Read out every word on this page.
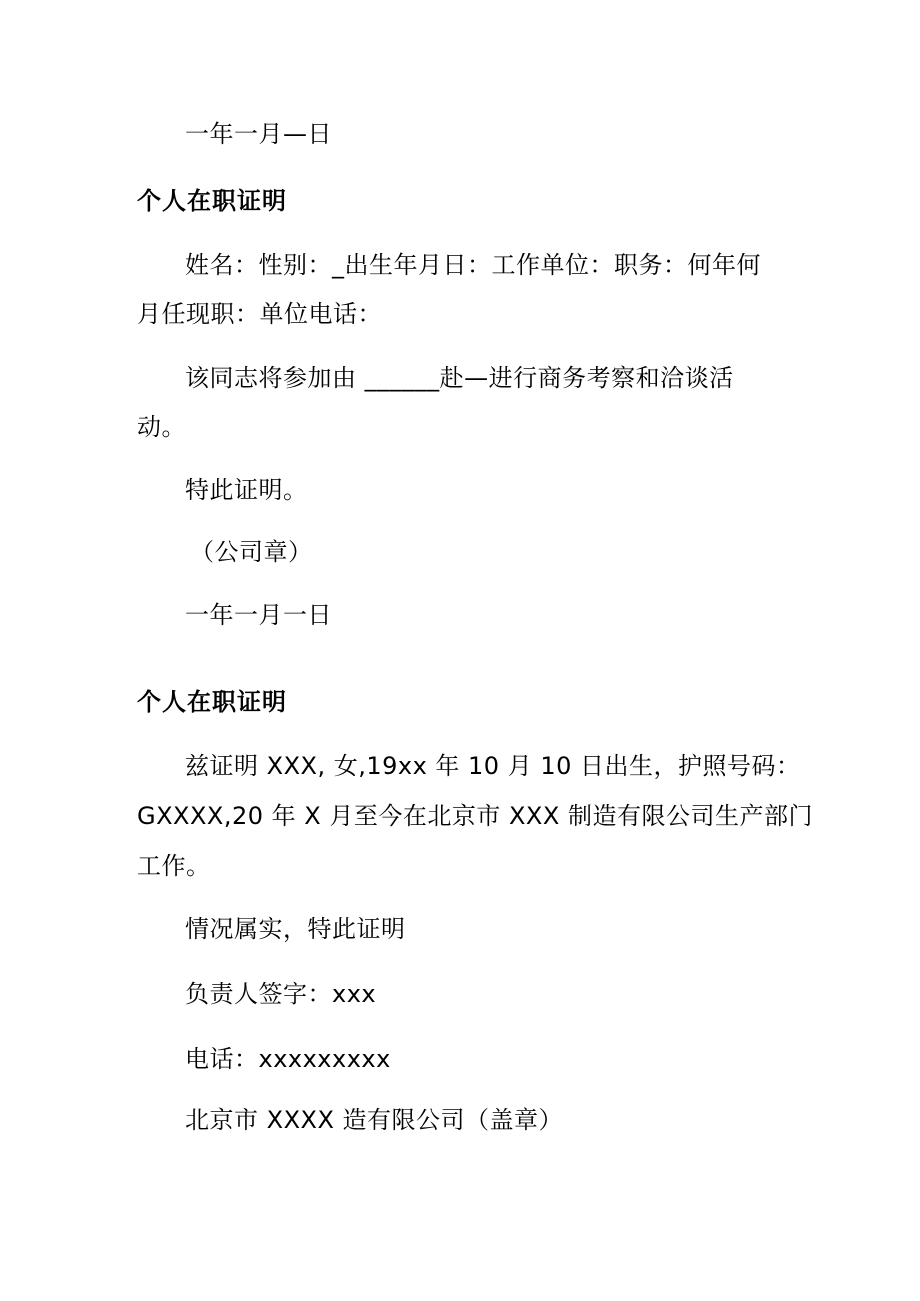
一年一月—日
个人在职证明
姓名：性别：_出生年月日：工作单位：职务：何年何
月任现职：单位电话：
该同志将参加由 ______赴—进行商务考察和洽谈活
动。
特此证明。
（公司章）
一年一月一日
个人在职证明
兹证明 XXX, 女,19xx 年 10 月 10 日出生，护照号码：
GXXXX,20 年 X 月至今在北京市 XXX 制造有限公司生产部门
工作。
情况属实，特此证明
负责人签字：xxx
电话：xxxxxxxxx
北京市 XXXX 造有限公司（盖章）
